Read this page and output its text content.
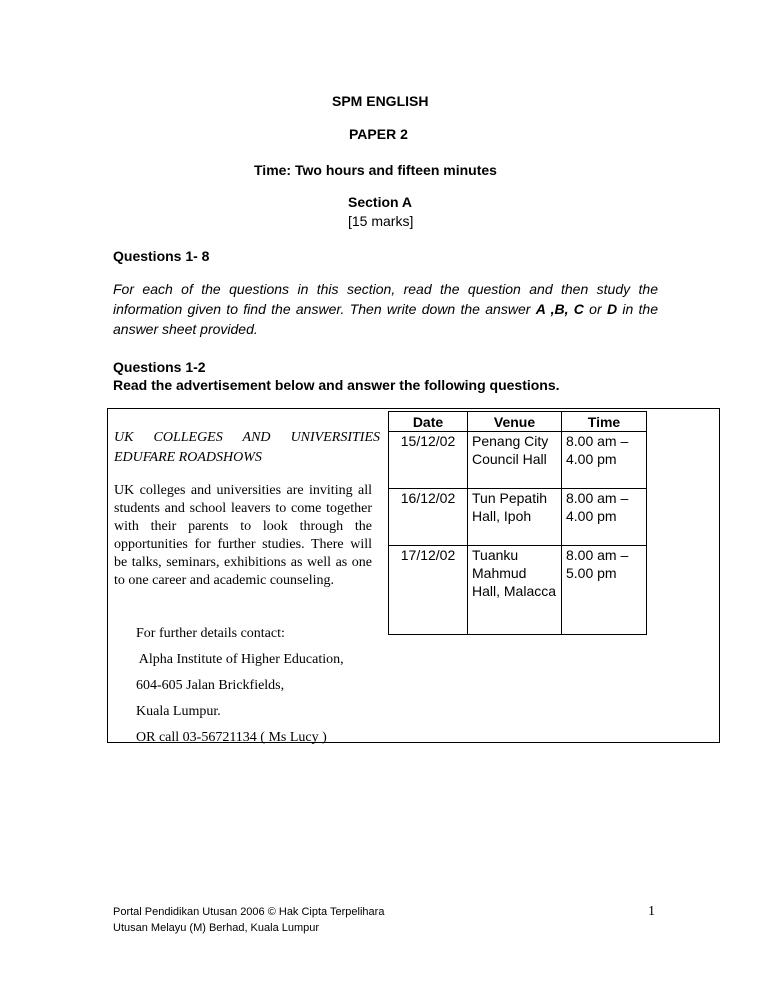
SPM ENGLISH
PAPER 2
Time: Two hours and fifteen minutes
Section A
[15 marks]
Questions 1- 8
For each of the questions in this section, read the question and then study the information given to find the answer. Then write down the answer A ,B, C or D in the answer sheet provided.
Questions 1-2
Read the advertisement below and answer the following questions.
UK COLLEGES AND UNIVERSITIES
EDUFARE ROADSHOWS
UK colleges and universities are inviting all students and school leavers to come together with their parents to look through the opportunities for further studies. There will be talks, seminars, exhibitions as well as one to one career and academic counseling.
For further details contact:
Alpha Institute of Higher Education,
604-605 Jalan Brickfields,
Kuala Lumpur.
OR call 03-56721134 ( Ms Lucy )
Date	Venue	Time
15/12/02	Penang City Council Hall	8.00 am – 4.00 pm
16/12/02	Tun Pepatih Hall, Ipoh	8.00 am – 4.00 pm
17/12/02	Tuanku Mahmud Hall, Malacca	8.00 am – 5.00 pm
Portal Pendidikan Utusan 2006 © Hak Cipta Terpelihara
Utusan Melayu (M) Berhad, Kuala Lumpur
1
